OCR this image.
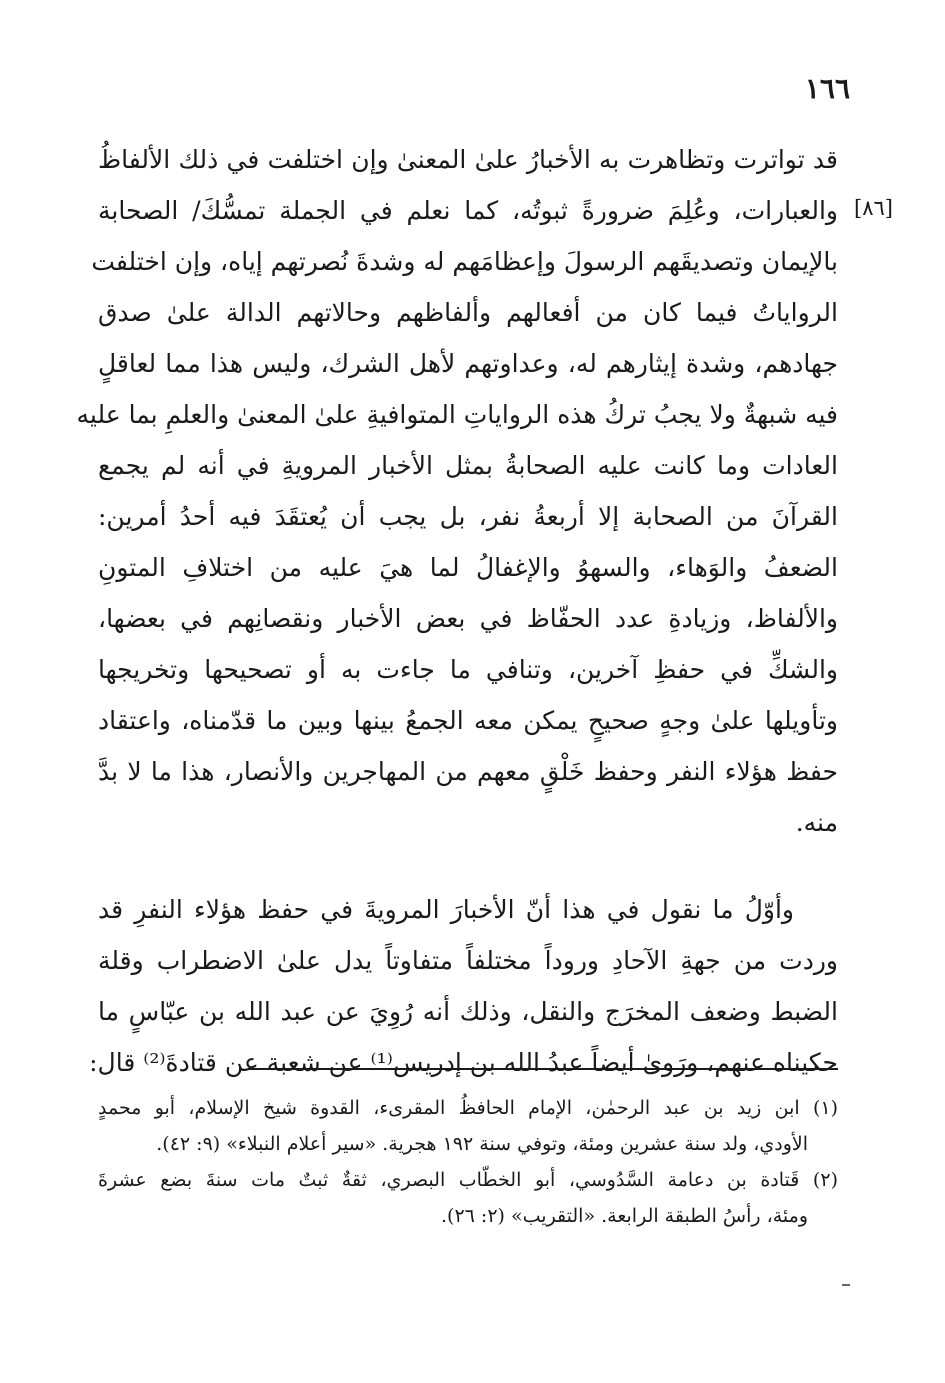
١٦٦
[٨٦]
قد تواترت وتظاهرت به الأخبارُ علىٰ المعنىٰ وإن اختلفت في ذلك الألفاظُ
والعبارات، وعُلِمَ ضرورةً ثبوتُه، كما نعلم في الجملة تمسُّكَ/ الصحابة
بالإيمان وتصديقَهم الرسولَ وإعظامَهم له وشدةَ نُصرتهم إياه، وإن اختلفت
الرواياتُ فيما كان من أفعالهم وألفاظهم وحالاتهم الدالة علىٰ صدق
جهادهم، وشدة إيثارهم له، وعداوتهم لأهل الشرك، وليس هذا مما لعاقلٍ
فيه شبهةٌ ولا يجبُ تركُ هذه الرواياتِ المتوافيةِ علىٰ المعنىٰ والعلمِ بما عليه
العادات وما كانت عليه الصحابةُ بمثل الأخبار المرويةِ في أنه لم يجمع
القرآنَ من الصحابة إلا أربعةُ نفر، بل يجب أن يُعتقَدَ فيه أحدُ أمرين:
الضعفُ والوَهاء، والسهوُ والإغفالُ لما هيَ عليه من اختلافِ المتونِ
والألفاظ، وزيادةِ عدد الحفّاظ في بعض الأخبار ونقصانِهم في بعضها،
والشكِّ في حفظِ آخرين، وتنافي ما جاءت به أو تصحيحها وتخريجها
وتأويلها علىٰ وجهٍ صحيحٍ يمكن معه الجمعُ بينها وبين ما قدّمناه، واعتقاد
حفظ هؤلاء النفر وحفظ خَلْقٍ معهم من المهاجرين والأنصار، هذا ما لا بدَّ
منه.
وأوّلُ ما نقول في هذا أنّ الأخبارَ المرويةَ في حفظ هؤلاء النفرِ قد
وردت من جهةِ الآحادِ وروداً مختلفاً متفاوتاً يدل علىٰ الاضطراب وقلة
الضبط وضعف المخرَج والنقل، وذلك أنه رُوِيَ عن عبد الله بن عبّاسٍ ما
حكيناه عنهم، ورَوىٰ أيضاً عبدُ الله بن إدريس⁽¹⁾ عن شعبة عن قتادةَ⁽²⁾ قال:
(١) ابن زيد بن عبد الرحمٰن، الإمام الحافظُ المقرىء، القدوة شيخ الإسلام، أبو محمدٍ
الأودي، ولد سنة عشرين ومئة، وتوفي سنة ١٩٢ هجرية. «سير أعلام النبلاء» (٩: ٤٢).
(٢) قَتادة بن دعامة السَّدُوسي، أبو الخطّاب البصري، ثقةٌ ثبتٌ مات سنةَ بضع عشرةَ
ومئة، رأسُ الطبقة الرابعة. «التقريب» (٢: ٢٦).
